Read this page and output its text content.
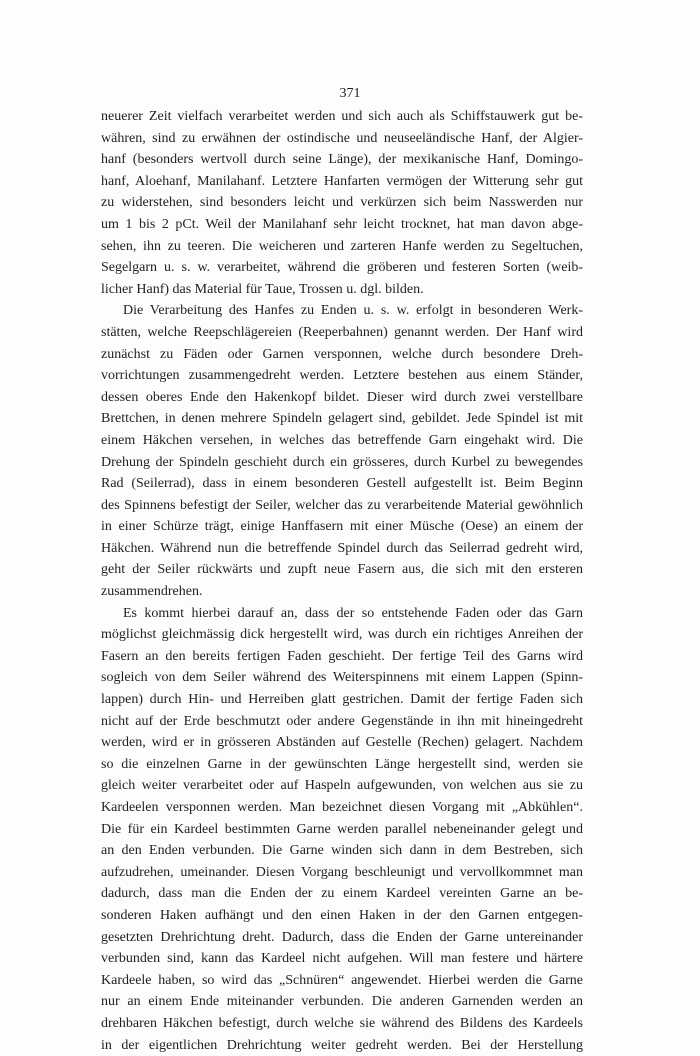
371
neuerer Zeit vielfach verarbeitet werden und sich auch als Schiffstauwerk gut be-
währen, sind zu erwähnen der ostindische und neuseeländische Hanf, der Algier-
hanf (besonders wertvoll durch seine Länge), der mexikanische Hanf, Domingo-
hanf, Aloehanf, Manilahanf. Letztere Hanfarten vermögen der Witterung sehr gut
zu widerstehen, sind besonders leicht und verkürzen sich beim Nasswerden nur
um 1 bis 2 pCt. Weil der Manilahanf sehr leicht trocknet, hat man davon abge-
sehen, ihn zu teeren. Die weicheren und zarteren Hanfe werden zu Segeltuchen,
Segelgarn u. s. w. verarbeitet, während die gröberen und festeren Sorten (weib-
licher Hanf) das Material für Taue, Trossen u. dgl. bilden.
Die Verarbeitung des Hanfes zu Enden u. s. w. erfolgt in besonderen Werk-
stätten, welche Reepschlägereien (Reeperbahnen) genannt werden. Der Hanf wird
zunächst zu Fäden oder Garnen versponnen, welche durch besondere Dreh-
vorrichtungen zusammengedreht werden. Letztere bestehen aus einem Ständer,
dessen oberes Ende den Hakenkopf bildet. Dieser wird durch zwei verstellbare
Brettchen, in denen mehrere Spindeln gelagert sind, gebildet. Jede Spindel ist mit
einem Häkchen versehen, in welches das betreffende Garn eingehakt wird. Die
Drehung der Spindeln geschieht durch ein grösseres, durch Kurbel zu bewegendes
Rad (Seilerrad), dass in einem besonderen Gestell aufgestellt ist. Beim Beginn
des Spinnens befestigt der Seiler, welcher das zu verarbeitende Material gewöhnlich
in einer Schürze trägt, einige Hanffasern mit einer Müsche (Oese) an einem der
Häkchen. Während nun die betreffende Spindel durch das Seilerrad gedreht wird,
geht der Seiler rückwärts und zupft neue Fasern aus, die sich mit den ersteren
zusammendrehen.
Es kommt hierbei darauf an, dass der so entstehende Faden oder das Garn
möglichst gleichmässig dick hergestellt wird, was durch ein richtiges Anreihen der
Fasern an den bereits fertigen Faden geschieht. Der fertige Teil des Garns wird
sogleich von dem Seiler während des Weiterspinnens mit einem Lappen (Spinn-
lappen) durch Hin- und Herreiben glatt gestrichen. Damit der fertige Faden sich
nicht auf der Erde beschmutzt oder andere Gegenstände in ihn mit hineingedreht
werden, wird er in grösseren Abständen auf Gestelle (Rechen) gelagert. Nachdem
so die einzelnen Garne in der gewünschten Länge hergestellt sind, werden sie
gleich weiter verarbeitet oder auf Haspeln aufgewunden, von welchen aus sie zu
Kardeelen versponnen werden. Man bezeichnet diesen Vorgang mit „Abkühlen“.
Die für ein Kardeel bestimmten Garne werden parallel nebeneinander gelegt und
an den Enden verbunden. Die Garne winden sich dann in dem Bestreben, sich
aufzudrehen, umeinander. Diesen Vorgang beschleunigt und vervollkommnet man
dadurch, dass man die Enden der zu einem Kardeel vereinten Garne an be-
sonderen Haken aufhängt und den einen Haken in der den Garnen entgegen-
gesetzten Drehrichtung dreht. Dadurch, dass die Enden der Garne untereinander
verbunden sind, kann das Kardeel nicht aufgehen. Will man festere und härtere
Kardeele haben, so wird das „Schnüren“ angewendet. Hierbei werden die Garne
nur an einem Ende miteinander verbunden. Die anderen Garnenden werden an
drehbaren Häkchen befestigt, durch welche sie während des Bildens des Kardeels
in der eigentlichen Drehrichtung weiter gedreht werden. Bei der Herstellung
